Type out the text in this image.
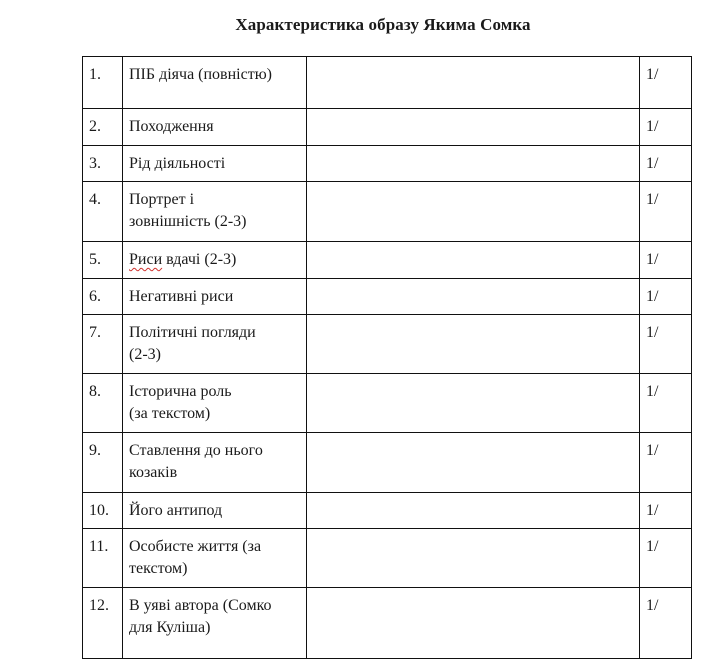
Характеристика образу Якима Сомка
1.	ПІБ діяча (повністю)		1/
2.	Походження		1/
3.	Рід діяльності		1/
4.	Портрет і
зовнішність (2-3)		1/
5.	Риси вдачі (2-3)		1/
6.	Негативні риси		1/
7.	Політичні погляди
(2-3)		1/
8.	Історична роль
(за текстом)		1/
9.	Ставлення до нього
козаків		1/
10.	Його антипод		1/
11.	Особисте життя (за
текстом)		1/
12.	В уяві автора (Сомко
для Куліша)		1/
